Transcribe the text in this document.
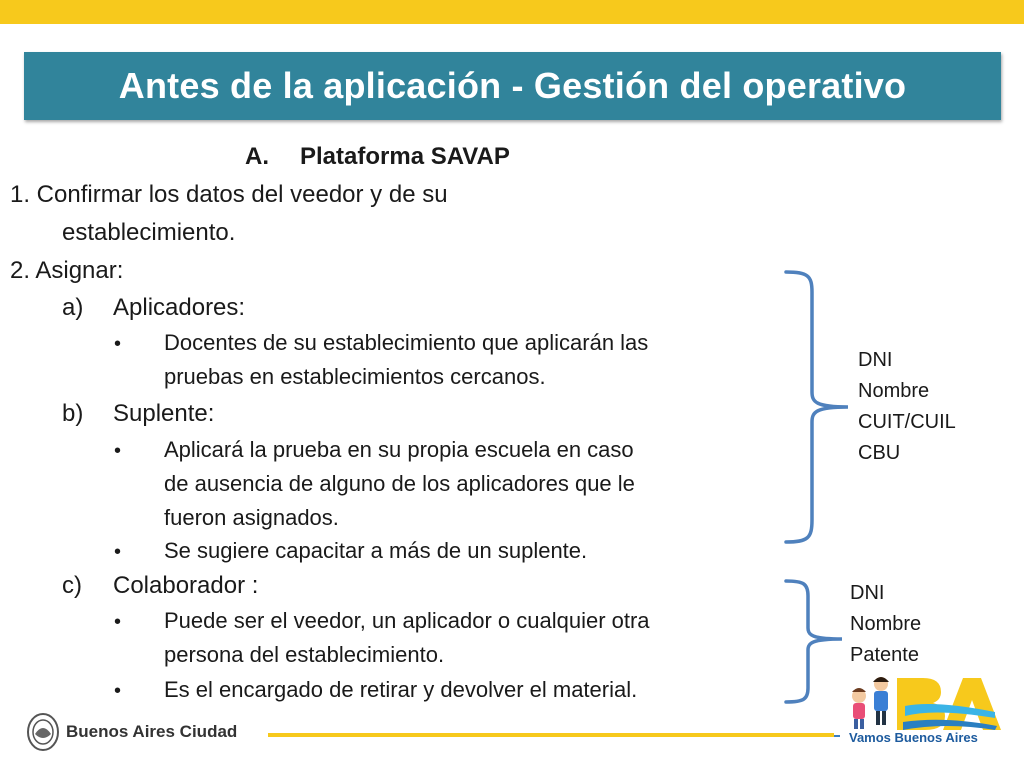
Antes de la aplicación - Gestión del operativo
A. Plataforma SAVAP
1. Confirmar los datos del veedor y de su
establecimiento.
2. Asignar:
a) Aplicadores:
• Docentes de su establecimiento que aplicarán las
pruebas en establecimientos cercanos.
b) Suplente:
• Aplicará la prueba en su propia escuela en caso
de ausencia de alguno de los aplicadores que le
fueron asignados.
• Se sugiere capacitar a más de un suplente.
c) Colaborador :
• Puede ser el veedor, un aplicador o cualquier otra
persona del establecimiento.
• Es el encargado de retirar y devolver el material.
DNI
Nombre
CUIT/CUIL
CBU
DNI
Nombre
Patente
Buenos Aires Ciudad	Vamos Buenos Aires
